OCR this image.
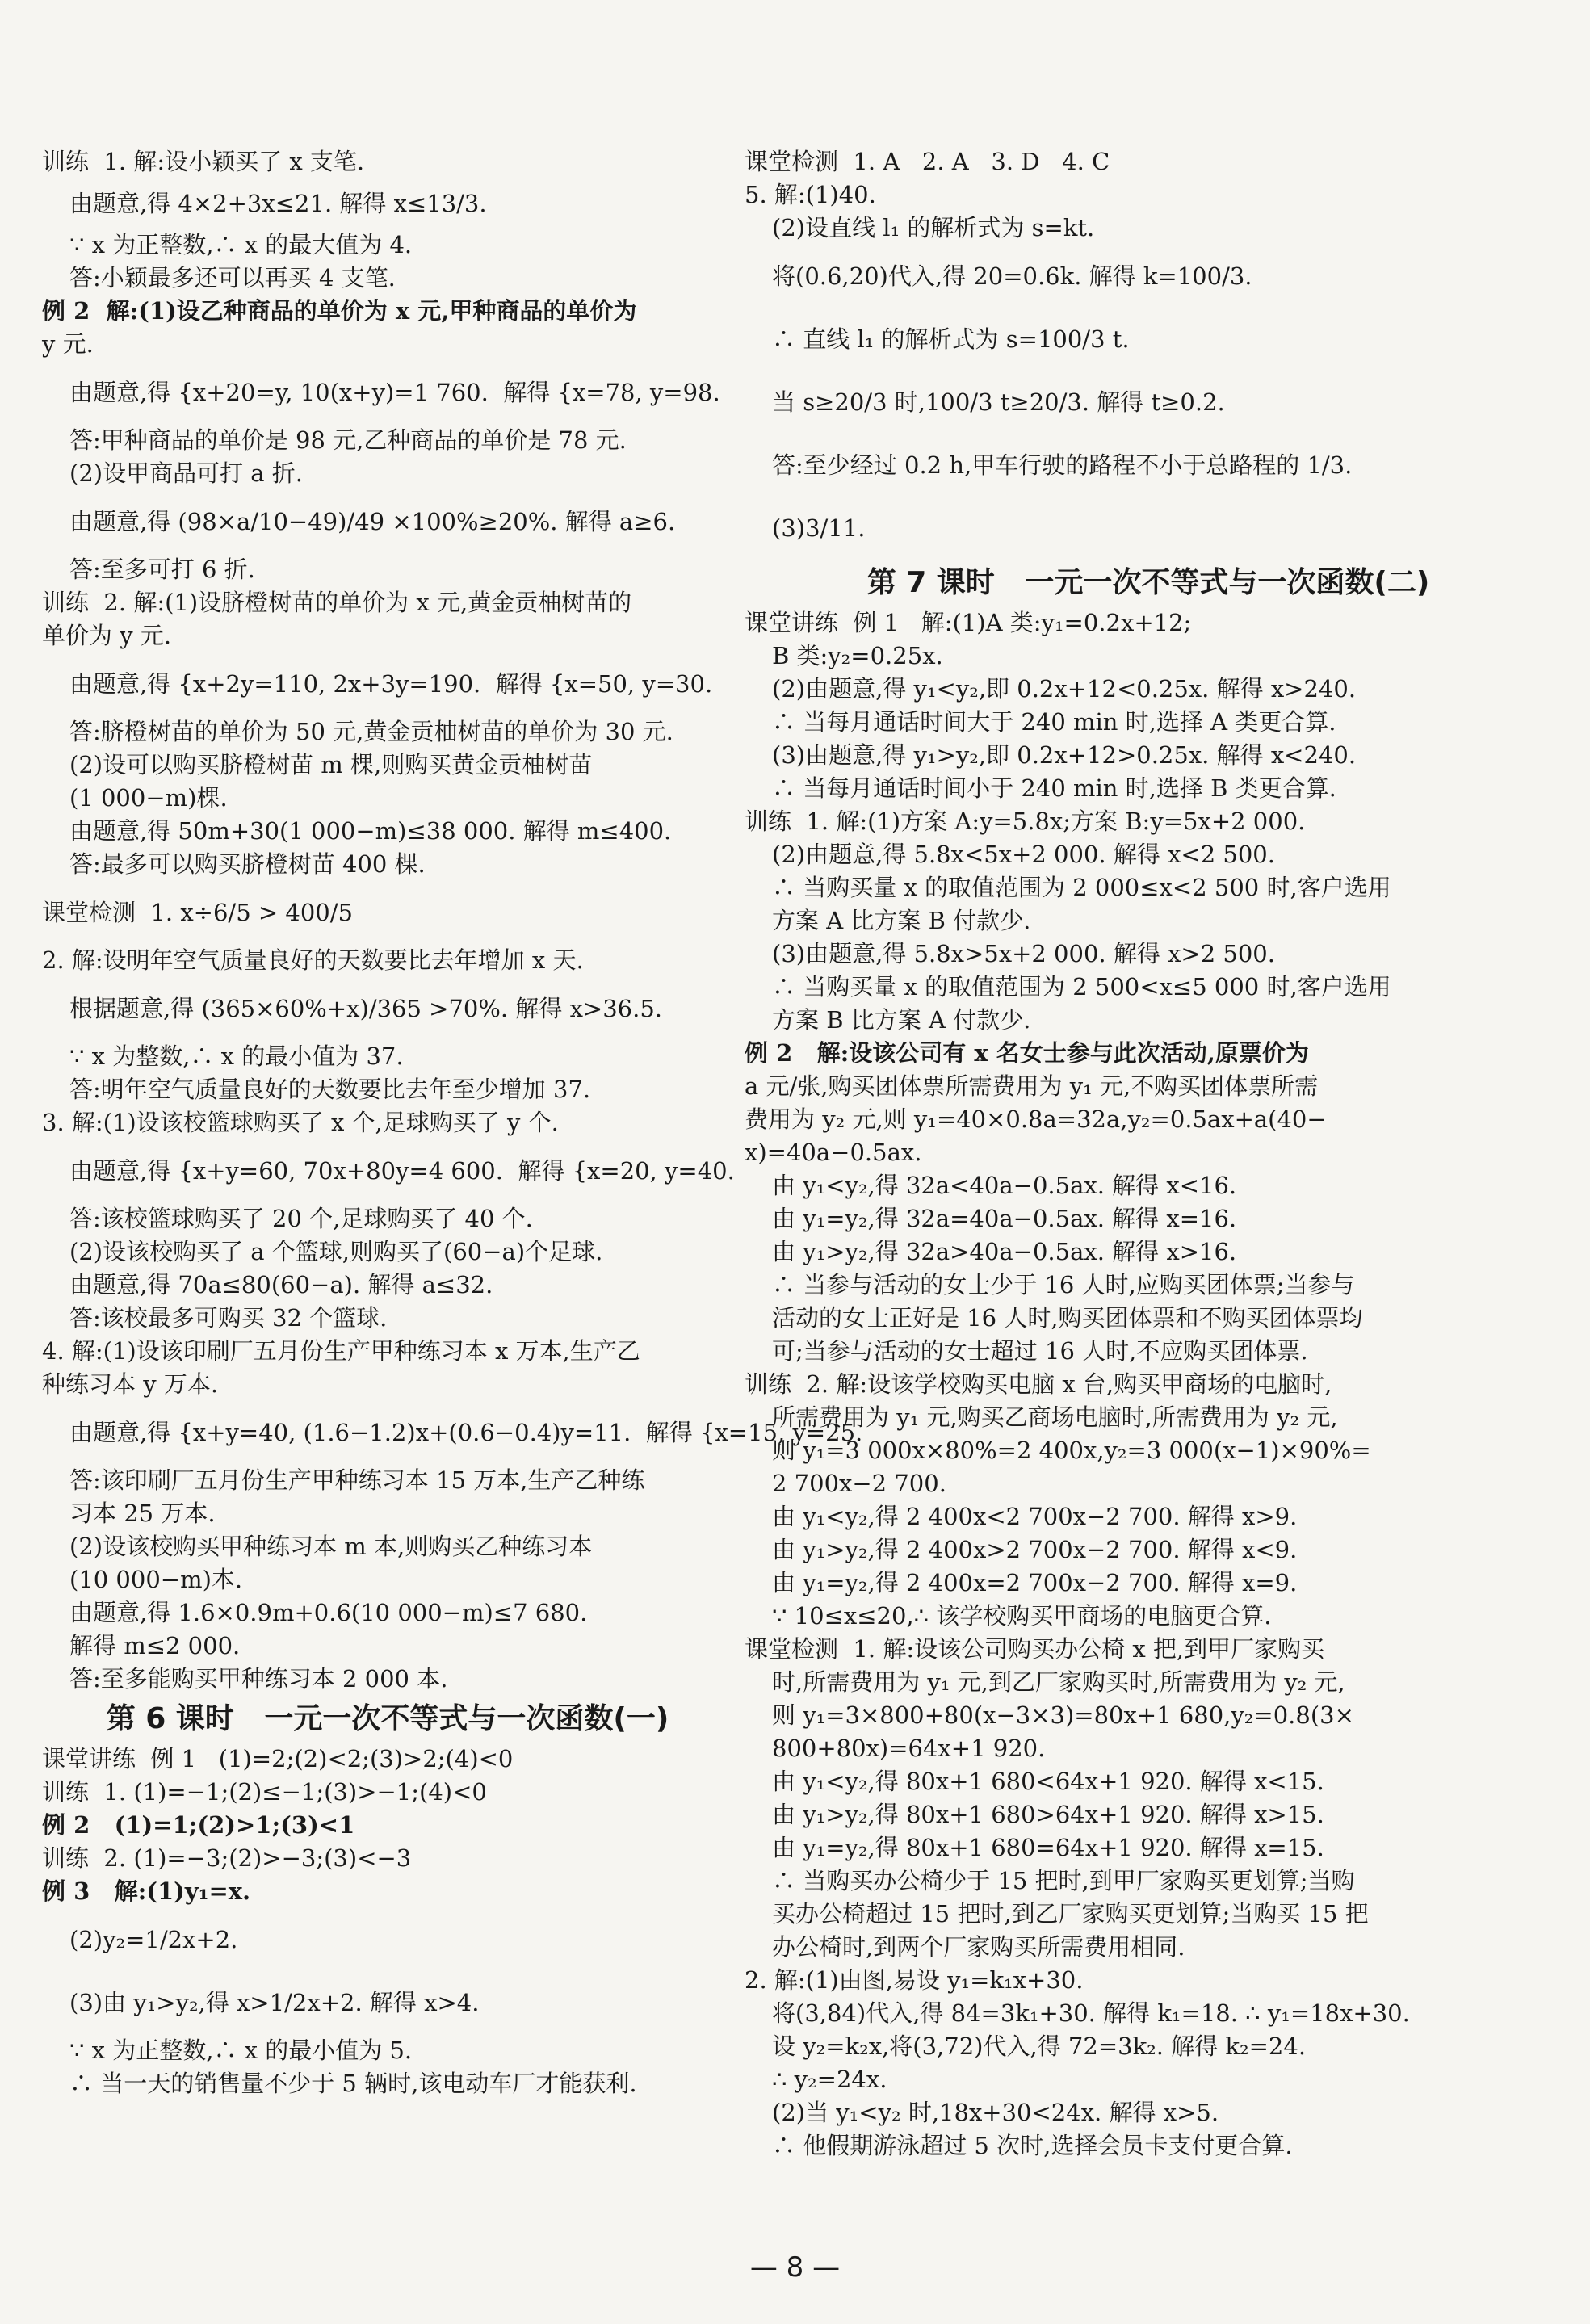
训练  1. 解:设小颖买了 x 支笔.
由题意,得 4×2+3x≤21. 解得 x≤13/3.
∵ x 为正整数,∴ x 的最大值为 4.
答:小颖最多还可以再买 4 支笔.
例 2  解:(1)设乙种商品的单价为 x 元,甲种商品的单价为
y 元.
由题意,得 {x+20=y, 10(x+y)=1 760.  解得 {x=78, y=98.
答:甲种商品的单价是 98 元,乙种商品的单价是 78 元.
(2)设甲商品可打 a 折.
由题意,得 (98×a/10−49)/49 ×100%≥20%. 解得 a≥6.
答:至多可打 6 折.
训练  2. 解:(1)设脐橙树苗的单价为 x 元,黄金贡柚树苗的
单价为 y 元.
由题意,得 {x+2y=110, 2x+3y=190.  解得 {x=50, y=30.
答:脐橙树苗的单价为 50 元,黄金贡柚树苗的单价为 30 元.
(2)设可以购买脐橙树苗 m 棵,则购买黄金贡柚树苗
(1 000−m)棵.
由题意,得 50m+30(1 000−m)≤38 000. 解得 m≤400.
答:最多可以购买脐橙树苗 400 棵.
课堂检测  1. x÷6/5 > 400/5
2. 解:设明年空气质量良好的天数要比去年增加 x 天.
根据题意,得 (365×60%+x)/365 >70%. 解得 x>36.5.
∵ x 为整数,∴ x 的最小值为 37.
答:明年空气质量良好的天数要比去年至少增加 37.
3. 解:(1)设该校篮球购买了 x 个,足球购买了 y 个.
由题意,得 {x+y=60, 70x+80y=4 600.  解得 {x=20, y=40.
答:该校篮球购买了 20 个,足球购买了 40 个.
(2)设该校购买了 a 个篮球,则购买了(60−a)个足球.
由题意,得 70a≤80(60−a). 解得 a≤32.
答:该校最多可购买 32 个篮球.
4. 解:(1)设该印刷厂五月份生产甲种练习本 x 万本,生产乙
种练习本 y 万本.
由题意,得 {x+y=40, (1.6−1.2)x+(0.6−0.4)y=11.  解得 {x=15, y=25.
答:该印刷厂五月份生产甲种练习本 15 万本,生产乙种练
习本 25 万本.
(2)设该校购买甲种练习本 m 本,则购买乙种练习本
(10 000−m)本.
由题意,得 1.6×0.9m+0.6(10 000−m)≤7 680.
解得 m≤2 000.
答:至多能购买甲种练习本 2 000 本.
第 6 课时   一元一次不等式与一次函数(一)
课堂讲练  例 1   (1)=2;(2)<2;(3)>2;(4)<0
训练  1. (1)=−1;(2)≤−1;(3)>−1;(4)<0
例 2   (1)=1;(2)>1;(3)<1
训练  2. (1)=−3;(2)>−3;(3)<−3
例 3   解:(1)y₁=x.
(2)y₂=1/2x+2.
(3)由 y₁>y₂,得 x>1/2x+2. 解得 x>4.
∵ x 为正整数,∴ x 的最小值为 5.
∴ 当一天的销售量不少于 5 辆时,该电动车厂才能获利.
课堂检测  1. A   2. A   3. D   4. C
5. 解:(1)40.
(2)设直线 l₁ 的解析式为 s=kt.
将(0.6,20)代入,得 20=0.6k. 解得 k=100/3.
∴ 直线 l₁ 的解析式为 s=100/3 t.
当 s≥20/3 时,100/3 t≥20/3. 解得 t≥0.2.
答:至少经过 0.2 h,甲车行驶的路程不小于总路程的 1/3.
(3)3/11.
第 7 课时   一元一次不等式与一次函数(二)
课堂讲练  例 1   解:(1)A 类:y₁=0.2x+12;
B 类:y₂=0.25x.
(2)由题意,得 y₁<y₂,即 0.2x+12<0.25x. 解得 x>240.
∴ 当每月通话时间大于 240 min 时,选择 A 类更合算.
(3)由题意,得 y₁>y₂,即 0.2x+12>0.25x. 解得 x<240.
∴ 当每月通话时间小于 240 min 时,选择 B 类更合算.
训练  1. 解:(1)方案 A:y=5.8x;方案 B:y=5x+2 000.
(2)由题意,得 5.8x<5x+2 000. 解得 x<2 500.
∴ 当购买量 x 的取值范围为 2 000≤x<2 500 时,客户选用
方案 A 比方案 B 付款少.
(3)由题意,得 5.8x>5x+2 000. 解得 x>2 500.
∴ 当购买量 x 的取值范围为 2 500<x≤5 000 时,客户选用
方案 B 比方案 A 付款少.
例 2   解:设该公司有 x 名女士参与此次活动,原票价为
a 元/张,购买团体票所需费用为 y₁ 元,不购买团体票所需
费用为 y₂ 元,则 y₁=40×0.8a=32a,y₂=0.5ax+a(40−
x)=40a−0.5ax.
由 y₁<y₂,得 32a<40a−0.5ax. 解得 x<16.
由 y₁=y₂,得 32a=40a−0.5ax. 解得 x=16.
由 y₁>y₂,得 32a>40a−0.5ax. 解得 x>16.
∴ 当参与活动的女士少于 16 人时,应购买团体票;当参与
活动的女士正好是 16 人时,购买团体票和不购买团体票均
可;当参与活动的女士超过 16 人时,不应购买团体票.
训练  2. 解:设该学校购买电脑 x 台,购买甲商场的电脑时,
所需费用为 y₁ 元,购买乙商场电脑时,所需费用为 y₂ 元,
则 y₁=3 000x×80%=2 400x,y₂=3 000(x−1)×90%=
2 700x−2 700.
由 y₁<y₂,得 2 400x<2 700x−2 700. 解得 x>9.
由 y₁>y₂,得 2 400x>2 700x−2 700. 解得 x<9.
由 y₁=y₂,得 2 400x=2 700x−2 700. 解得 x=9.
∵ 10≤x≤20,∴ 该学校购买甲商场的电脑更合算.
课堂检测  1. 解:设该公司购买办公椅 x 把,到甲厂家购买
时,所需费用为 y₁ 元,到乙厂家购买时,所需费用为 y₂ 元,
则 y₁=3×800+80(x−3×3)=80x+1 680,y₂=0.8(3×
800+80x)=64x+1 920.
由 y₁<y₂,得 80x+1 680<64x+1 920. 解得 x<15.
由 y₁>y₂,得 80x+1 680>64x+1 920. 解得 x>15.
由 y₁=y₂,得 80x+1 680=64x+1 920. 解得 x=15.
∴ 当购买办公椅少于 15 把时,到甲厂家购买更划算;当购
买办公椅超过 15 把时,到乙厂家购买更划算;当购买 15 把
办公椅时,到两个厂家购买所需费用相同.
2. 解:(1)由图,易设 y₁=k₁x+30.
将(3,84)代入,得 84=3k₁+30. 解得 k₁=18. ∴ y₁=18x+30.
设 y₂=k₂x,将(3,72)代入,得 72=3k₂. 解得 k₂=24.
∴ y₂=24x.
(2)当 y₁<y₂ 时,18x+30<24x. 解得 x>5.
∴ 他假期游泳超过 5 次时,选择会员卡支付更合算.
— 8 —
